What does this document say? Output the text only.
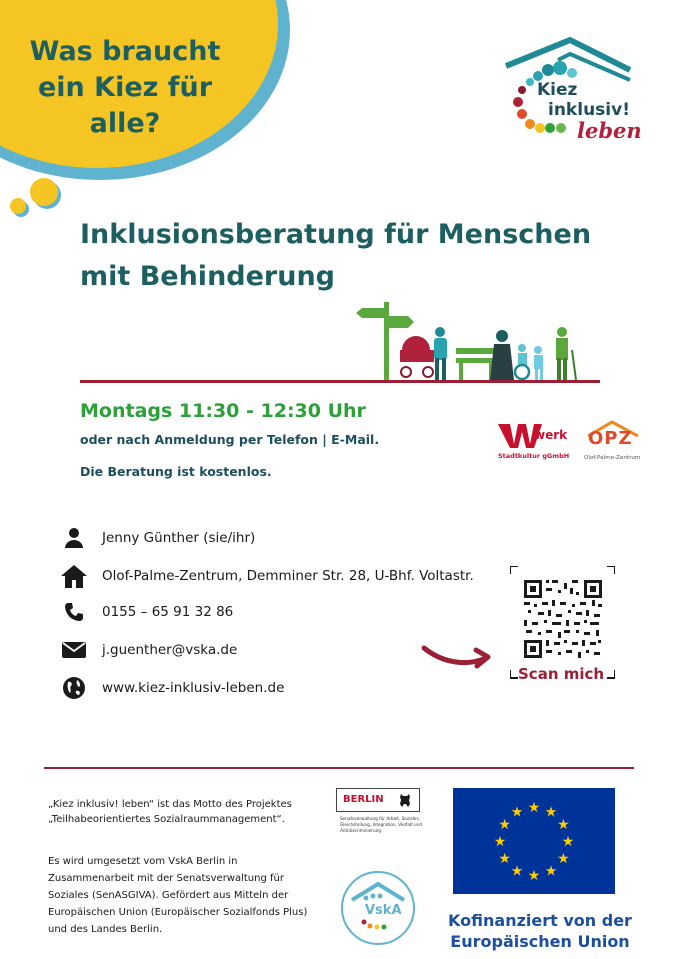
Was braucht
ein Kiez für
alle?
Kiez
inklusiv!
leben
Inklusionsberatung für Menschen
mit Behinderung
Montags 11:30 - 12:30 Uhr
oder nach Anmeldung per Telefon | E-Mail.
Die Beratung ist kostenlos.
werk
Stadtkultur gGmbH
OPZ
Olof-Palme-Zentrum
Jenny Günther (sie/ihr)
Olof-Palme-Zentrum, Demminer Str. 28, U-Bhf. Voltastr.
0155 – 65 91 32 86
j.guenther@vska.de
www.kiez-inklusiv-leben.de
Scan mich
„Kiez inklusiv! leben“ ist das Motto des Projektes „Teilhabeorientiertes Sozialraummanagement“.
Es wird umgesetzt vom VskA Berlin in Zusammenarbeit mit der Senatsverwaltung für Soziales (SenASGIVA). Gefördert aus Mitteln der Europäischen Union (Europäischer Sozialfonds Plus) und des Landes Berlin.
BERLIN
Senatsverwaltung für Arbeit, Soziales, Gleichstellung, Integration, Vielfalt und Antidiskriminierung
VskA
★ ★
★
★
★
★
★
★
★
★
★
★
Kofinanziert von der
Europäischen Union
